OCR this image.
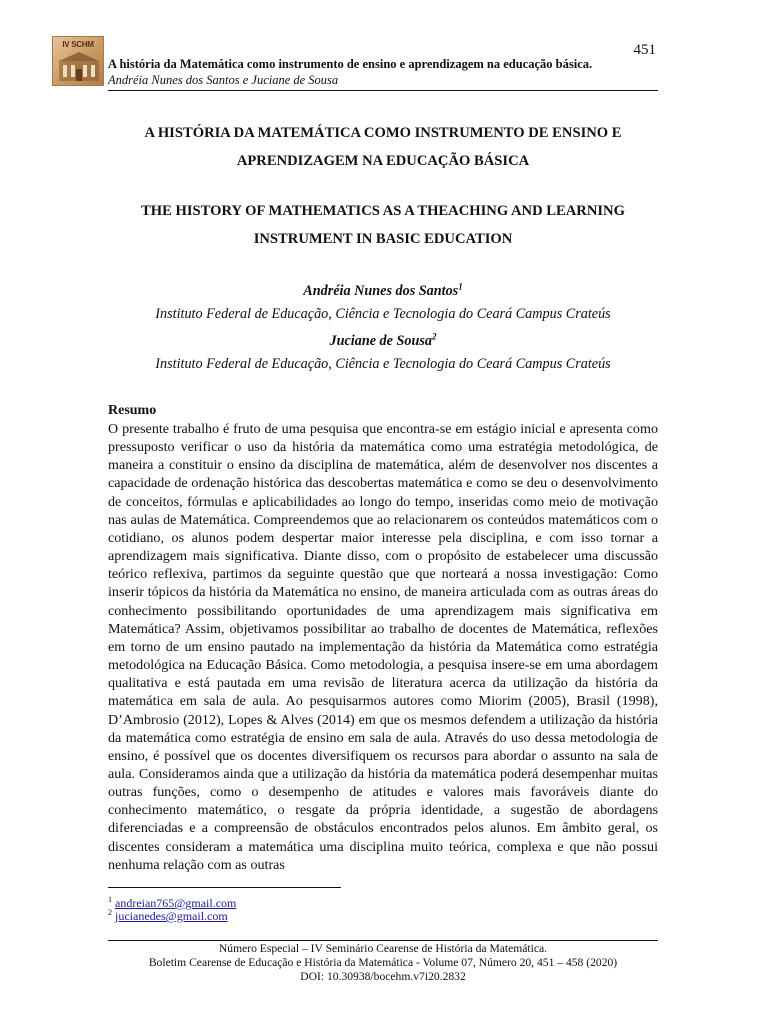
IV SCHM	451
A história da Matemática como instrumento de ensino e aprendizagem na educação básica.
Andréia Nunes dos Santos e Juciane de Sousa
A HISTÓRIA DA MATEMÁTICA COMO INSTRUMENTO DE ENSINO E
APRENDIZAGEM NA EDUCAÇÃO BÁSICA
THE HISTORY OF MATHEMATICS AS A THEACHING AND LEARNING
INSTRUMENT IN BASIC EDUCATION
Andréia Nunes dos Santos$^1$
Instituto Federal de Educação, Ciência e Tecnologia do Ceará Campus Crateús
Juciane de Sousa$^2$
Instituto Federal de Educação, Ciência e Tecnologia do Ceará Campus Crateús
Resumo

O presente trabalho é fruto de uma pesquisa que encontra-se em estágio inicial e apresenta como pressuposto verificar o uso da história da matemática como uma estratégia metodológica, de maneira a constituir o ensino da disciplina de matemática, além de desenvolver nos discentes a capacidade de ordenação histórica das descobertas matemática e como se deu o desenvolvimento de conceitos, fórmulas e aplicabilidades ao longo do tempo, inseridas como meio de motivação nas aulas de Matemática. Compreendemos que ao relacionarem os conteúdos matemáticos com o cotidiano, os alunos podem despertar maior interesse pela disciplina, e com isso tornar a aprendizagem mais significativa. Diante disso, com o propósito de estabelecer uma discussão teórico reflexiva, partimos da seguinte questão que que norteará a nossa investigação: Como inserir tópicos da história da Matemática no ensino, de maneira articulada com as outras áreas do conhecimento possibilitando oportunidades de uma aprendizagem mais significativa em Matemática? Assim, objetivamos possibilitar ao trabalho de docentes de Matemática, reflexões em torno de um ensino pautado na implementação da história da Matemática como estratégia metodológica na Educação Básica. Como metodologia, a pesquisa insere-se em uma abordagem qualitativa e está pautada em uma revisão de literatura acerca da utilização da história da matemática em sala de aula. Ao pesquisarmos autores como Miorim (2005), Brasil (1998), D’Ambrosio (2012), Lopes & Alves (2014) em que os mesmos defendem a utilização da história da matemática como estratégia de ensino em sala de aula. Através do uso dessa metodologia de ensino, é possível que os docentes diversifiquem os recursos para abordar o assunto na sala de aula. Consideramos ainda que a utilização da história da matemática poderá desempenhar muitas outras funções, como o desempenho de atitudes e valores mais favoráveis diante do conhecimento matemático, o resgate da própria identidade, a sugestão de abordagens diferenciadas e a compreensão de obstáculos encontrados pelos alunos. Em âmbito geral, os discentes consideram a matemática uma disciplina muito teórica, complexa e que não possui nenhuma relação com as outras

$^1$ andreian765@gmail.com
$^2$ jucianedes@gmail.com
Número Especial – IV Seminário Cearense de História da Matemática.
Boletim Cearense de Educação e História da Matemática - Volume 07, Número 20, 451 – 458 (2020)
DOI: 10.30938/bocehm.v7i20.2832
